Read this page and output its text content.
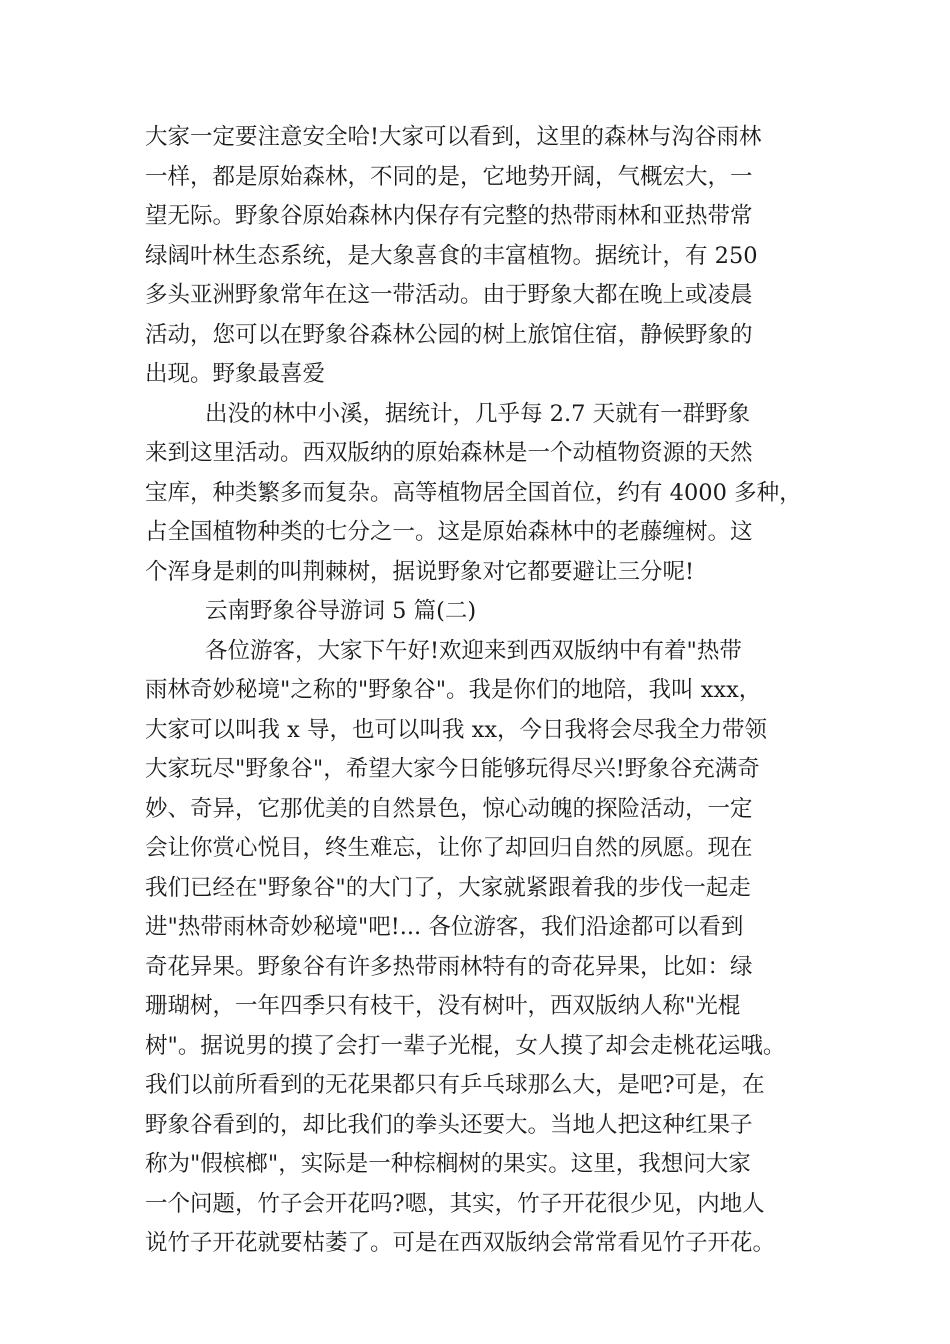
大家一定要注意安全哈!大家可以看到，这里的森林与沟谷雨林
一样，都是原始森林，不同的是，它地势开阔，气概宏大，一
望无际。野象谷原始森林内保存有完整的热带雨林和亚热带常
绿阔叶林生态系统，是大象喜食的丰富植物。据统计，有 250
多头亚洲野象常年在这一带活动。由于野象大都在晚上或凌晨
活动，您可以在野象谷森林公园的树上旅馆住宿，静候野象的
出现。野象最喜爱
出没的林中小溪，据统计，几乎每 2.7 天就有一群野象
来到这里活动。西双版纳的原始森林是一个动植物资源的天然
宝库，种类繁多而复杂。高等植物居全国首位，约有 4000 多种，
占全国植物种类的七分之一。这是原始森林中的老藤缠树。这
个浑身是刺的叫荆棘树，据说野象对它都要避让三分呢!
云南野象谷导游词 5 篇(二)
各位游客，大家下午好!欢迎来到西双版纳中有着"热带
雨林奇妙秘境"之称的"野象谷"。我是你们的地陪，我叫 xxx，
大家可以叫我 x 导，也可以叫我 xx，今日我将会尽我全力带领
大家玩尽"野象谷"，希望大家今日能够玩得尽兴!野象谷充满奇
妙、奇异，它那优美的自然景色，惊心动魄的探险活动，一定
会让你赏心悦目，终生难忘，让你了却回归自然的夙愿。现在
我们已经在"野象谷"的大门了，大家就紧跟着我的步伐一起走
进"热带雨林奇妙秘境"吧!... 各位游客，我们沿途都可以看到
奇花异果。野象谷有许多热带雨林特有的奇花异果，比如：绿
珊瑚树，一年四季只有枝干，没有树叶，西双版纳人称"光棍
树"。据说男的摸了会打一辈子光棍，女人摸了却会走桃花运哦。
我们以前所看到的无花果都只有乒乓球那么大，是吧?可是，在
野象谷看到的，却比我们的拳头还要大。当地人把这种红果子
称为"假槟榔"，实际是一种棕榈树的果实。这里，我想问大家
一个问题，竹子会开花吗?嗯，其实，竹子开花很少见，内地人
说竹子开花就要枯萎了。可是在西双版纳会常常看见竹子开花。
